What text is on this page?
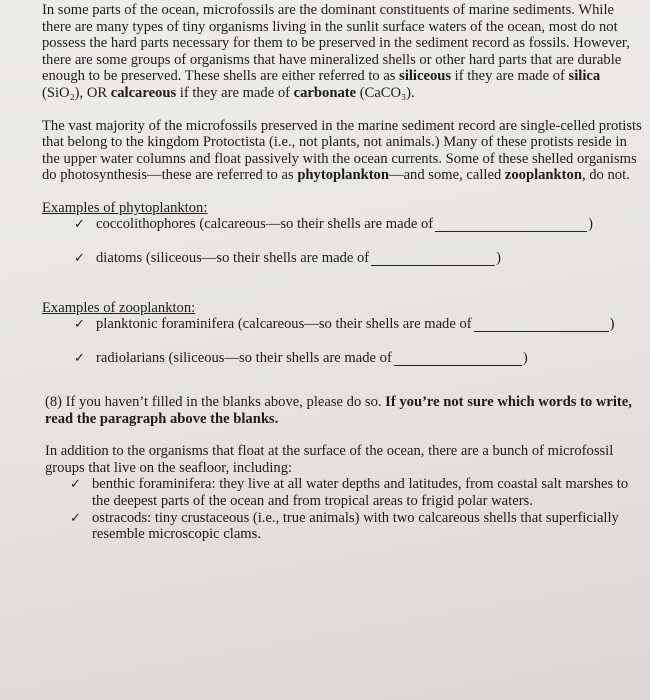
In some parts of the ocean, microfossils are the dominant constituents of marine sediments. While there are many types of tiny organisms living in the sunlit surface waters of the ocean, most do not possess the hard parts necessary for them to be preserved in the sediment record as fossils. However, there are some groups of organisms that have mineralized shells or other hard parts that are durable enough to be preserved. These shells are either referred to as siliceous if they are made of silica (SiO₂), OR calcareous if they are made of carbonate (CaCO₃).

The vast majority of the microfossils preserved in the marine sediment record are single-celled protists that belong to the kingdom Protoctista (i.e., not plants, not animals.) Many of these protists reside in the upper water columns and float passively with the ocean currents. Some of these shelled organisms do photosynthesis—these are referred to as phytoplankton—and some, called zooplankton, do not.

Examples of phytoplankton:
✓ coccolithophores (calcareous—so their shells are made of	)
✓ diatoms (siliceous—so their shells are made of	)
Examples of zooplankton:
✓ planktonic foraminifera (calcareous—so their shells are made of	)
✓ radiolarians (siliceous—so their shells are made of	)

(8) If you haven’t filled in the blanks above, please do so. If you’re not sure which words to write, read the paragraph above the blanks.

In addition to the organisms that float at the surface of the ocean, there are a bunch of microfossil groups that live on the seafloor, including:

✓ benthic foraminifera: they live at all water depths and latitudes, from coastal salt marshes to the deepest parts of the ocean and from tropical areas to frigid polar waters.
✓ ostracods: tiny crustaceous (i.e., true animals) with two calcareous shells that superficially resemble microscopic clams.
